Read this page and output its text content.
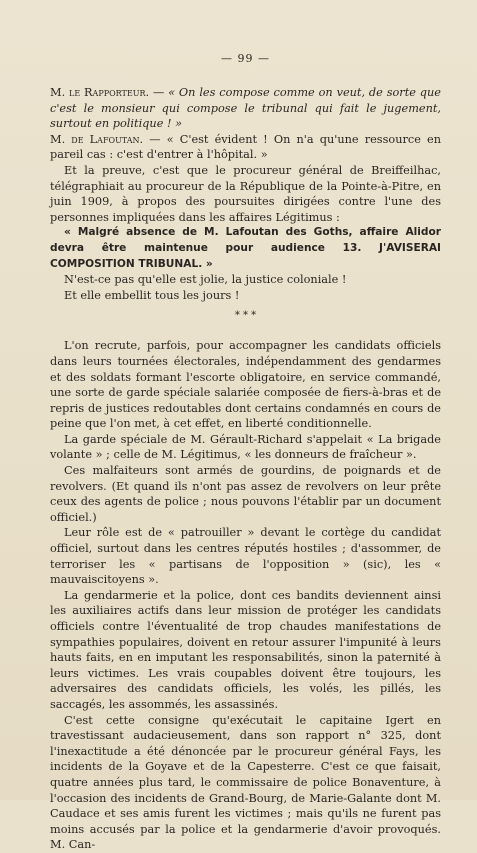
— 99 —

M. le Rapporteur. — « On les compose comme on veut, de sorte que c'est le monsieur qui compose le tribunal qui fait le jugement, surtout en politique ! »

M. de Lafoutan. — « C'est évident ! On n'a qu'une ressource en pareil cas : c'est d'entrer à l'hôpital. »

Et la preuve, c'est que le procureur général de Breiffeilhac, télégraphiait au procureur de la République de la Pointe-à-Pitre, en juin 1909, à propos des poursuites dirigées contre l'une des personnes impliquées dans les affaires Légitimus :

« Malgré absence de M. Lafoutan des Goths, affaire Alidor devra être maintenue pour audience 13. J'AVISERAI COMPOSITION TRIBUNAL. »

N'est-ce pas qu'elle est jolie, la justice coloniale !

Et elle embellit tous les jours !

* * *

L'on recrute, parfois, pour accompagner les candidats officiels dans leurs tournées électorales, indépendamment des gendarmes et des soldats formant l'escorte obligatoire, en service commandé, une sorte de garde spéciale salariée composée de fiers-à-bras et de repris de justices redoutables dont certains condamnés en cours de peine que l'on met, à cet effet, en liberté conditionnelle.

La garde spéciale de M. Gérault-Richard s'appelait « La brigade volante » ; celle de M. Légitimus, « les donneurs de fraîcheur ».

Ces malfaiteurs sont armés de gourdins, de poignards et de revolvers. (Et quand ils n'ont pas assez de revolvers on leur prête ceux des agents de police ; nous pouvons l'établir par un document officiel.)

Leur rôle est de « patrouiller » devant le cortège du candidat officiel, surtout dans les centres réputés hostiles ; d'assommer, de terroriser les « partisans de l'opposition » (sic), les « mauvaiscitoyens ».

La gendarmerie et la police, dont ces bandits deviennent ainsi les auxiliaires actifs dans leur mission de protéger les candidats officiels contre l'éventualité de trop chaudes manifestations de sympathies populaires, doivent en retour assurer l'impunité à leurs hauts faits, en en imputant les responsabilités, sinon la paternité à leurs victimes. Les vrais coupables doivent être toujours, les adversaires des candidats officiels, les volés, les pillés, les saccagés, les assommés, les assassinés.

C'est cette consigne qu'exécutait le capitaine Igert en travestissant audacieusement, dans son rapport n° 325, dont l'inexactitude a été dénoncée par le procureur général Fays, les incidents de la Goyave et de la Capesterre. C'est ce que faisait, quatre années plus tard, le commissaire de police Bonaventure, à l'occasion des incidents de Grand-Bourg, de Marie-Galante dont M. Caudace et ses amis furent les victimes ; mais qu'ils ne furent pas moins accusés par la police et la gendarmerie d'avoir provoqués. M. Can-
